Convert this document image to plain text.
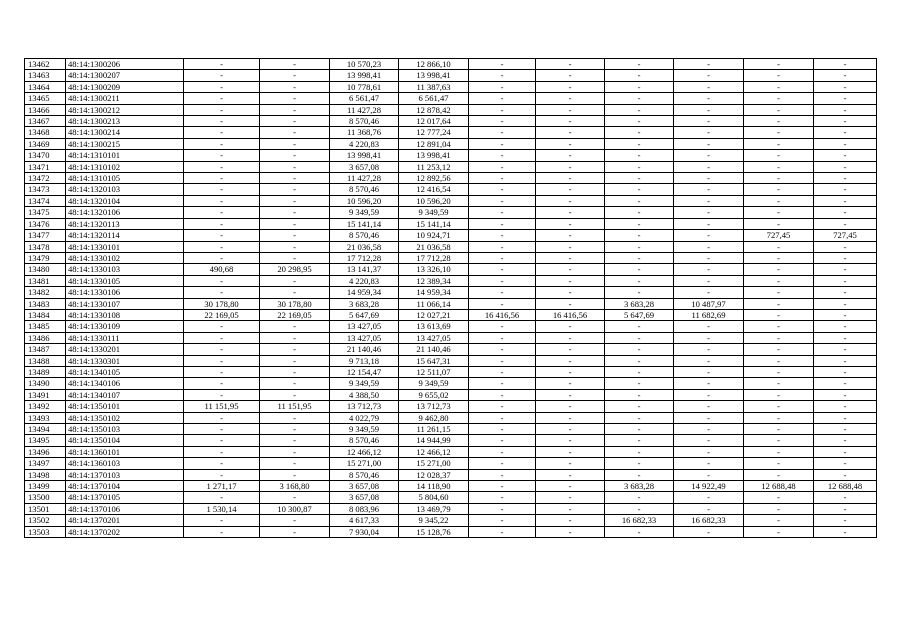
13462	48:14:1300206	-	-	10 570,23	12 866,10	-	-	-	-	-	-
13463	48:14:1300207	-	-	13 998,41	13 998,41	-	-	-	-	-	-
13464	48:14:1300209	-	-	10 778,61	11 387,63	-	-	-	-	-	-
13465	48:14:1300211	-	-	6 561,47	6 561,47	-	-	-	-	-	-
13466	48:14:1300212	-	-	11 427,28	12 878,42	-	-	-	-	-	-
13467	48:14:1300213	-	-	8 570,46	12 017,64	-	-	-	-	-	-
13468	48:14:1300214	-	-	11 368,76	12 777,24	-	-	-	-	-	-
13469	48:14:1300215	-	-	4 220,83	12 891,04	-	-	-	-	-	-
13470	48:14:1310101	-	-	13 998,41	13 998,41	-	-	-	-	-	-
13471	48:14:1310102	-	-	3 657,08	11 253,12	-	-	-	-	-	-
13472	48:14:1310105	-	-	11 427,28	12 892,56	-	-	-	-	-	-
13473	48:14:1320103	-	-	8 570,46	12 416,54	-	-	-	-	-	-
13474	48:14:1320104	-	-	10 596,20	10 596,20	-	-	-	-	-	-
13475	48:14:1320106	-	-	9 349,59	9 349,59	-	-	-	-	-	-
13476	48:14:1320113	-	-	15 141,14	15 141,14	-	-	-	-	-	-
13477	48:14:1320114	-	-	8 570,46	10 924,71	-	-	-	-	727,45	727,45
13478	48:14:1330101	-	-	21 036,58	21 036,58	-	-	-	-	-	-
13479	48:14:1330102	-	-	17 712,28	17 712,28	-	-	-	-	-	-
13480	48:14:1330103	490,68	20 298,95	13 141,37	13 326,10	-	-	-	-	-	-
13481	48:14:1330105	-	-	4 220,83	12 389,34	-	-	-	-	-	-
13482	48:14:1330106	-	-	14 959,34	14 959,34	-	-	-	-	-	-
13483	48:14:1330107	30 178,80	30 178,80	3 683,28	11 066,14	-	-	3 683,28	10 487,97	-	-
13484	48:14:1330108	22 169,05	22 169,05	5 647,69	12 027,21	16 416,56	16 416,56	5 647,69	11 682,69	-	-
13485	48:14:1330109	-	-	13 427,05	13 613,69	-	-	-	-	-	-
13486	48:14:1330111	-	-	13 427,05	13 427,05	-	-	-	-	-	-
13487	48:14:1330201	-	-	21 140,46	21 140,46	-	-	-	-	-	-
13488	48:14:1330301	-	-	9 713,18	15 647,31	-	-	-	-	-	-
13489	48:14:1340105	-	-	12 154,47	12 511,07	-	-	-	-	-	-
13490	48:14:1340106	-	-	9 349,59	9 349,59	-	-	-	-	-	-
13491	48:14:1340107	-	-	4 388,50	9 655,02	-	-	-	-	-	-
13492	48:14:1350101	11 151,95	11 151,95	13 712,73	13 712,73	-	-	-	-	-	-
13493	48:14:1350102	-	-	4 022,79	9 462,80	-	-	-	-	-	-
13494	48:14:1350103	-	-	9 349,59	11 261,15	-	-	-	-	-	-
13495	48:14:1350104	-	-	8 570,46	14 944,99	-	-	-	-	-	-
13496	48:14:1360101	-	-	12 466,12	12 466,12	-	-	-	-	-	-
13497	48:14:1360103	-	-	15 271,00	15 271,00	-	-	-	-	-	-
13498	48:14:1370103	-	-	8 570,46	12 028,37	-	-	-	-	-	-
13499	48:14:1370104	1 271,17	3 168,80	3 657,08	14 118,90	-	-	3 683,28	14 922,49	12 688,48	12 688,48
13500	48:14:1370105	-	-	3 657,08	5 804,60	-	-	-	-	-	-
13501	48:14:1370106	1 530,14	10 300,87	8 083,96	13 469,79	-	-	-	-	-	-
13502	48:14:1370201	-	-	4 617,33	9 345,22	-	-	16 682,33	16 682,33	-	-
13503	48:14:1370202	-	-	7 930,04	15 128,76	-	-	-	-	-	-
